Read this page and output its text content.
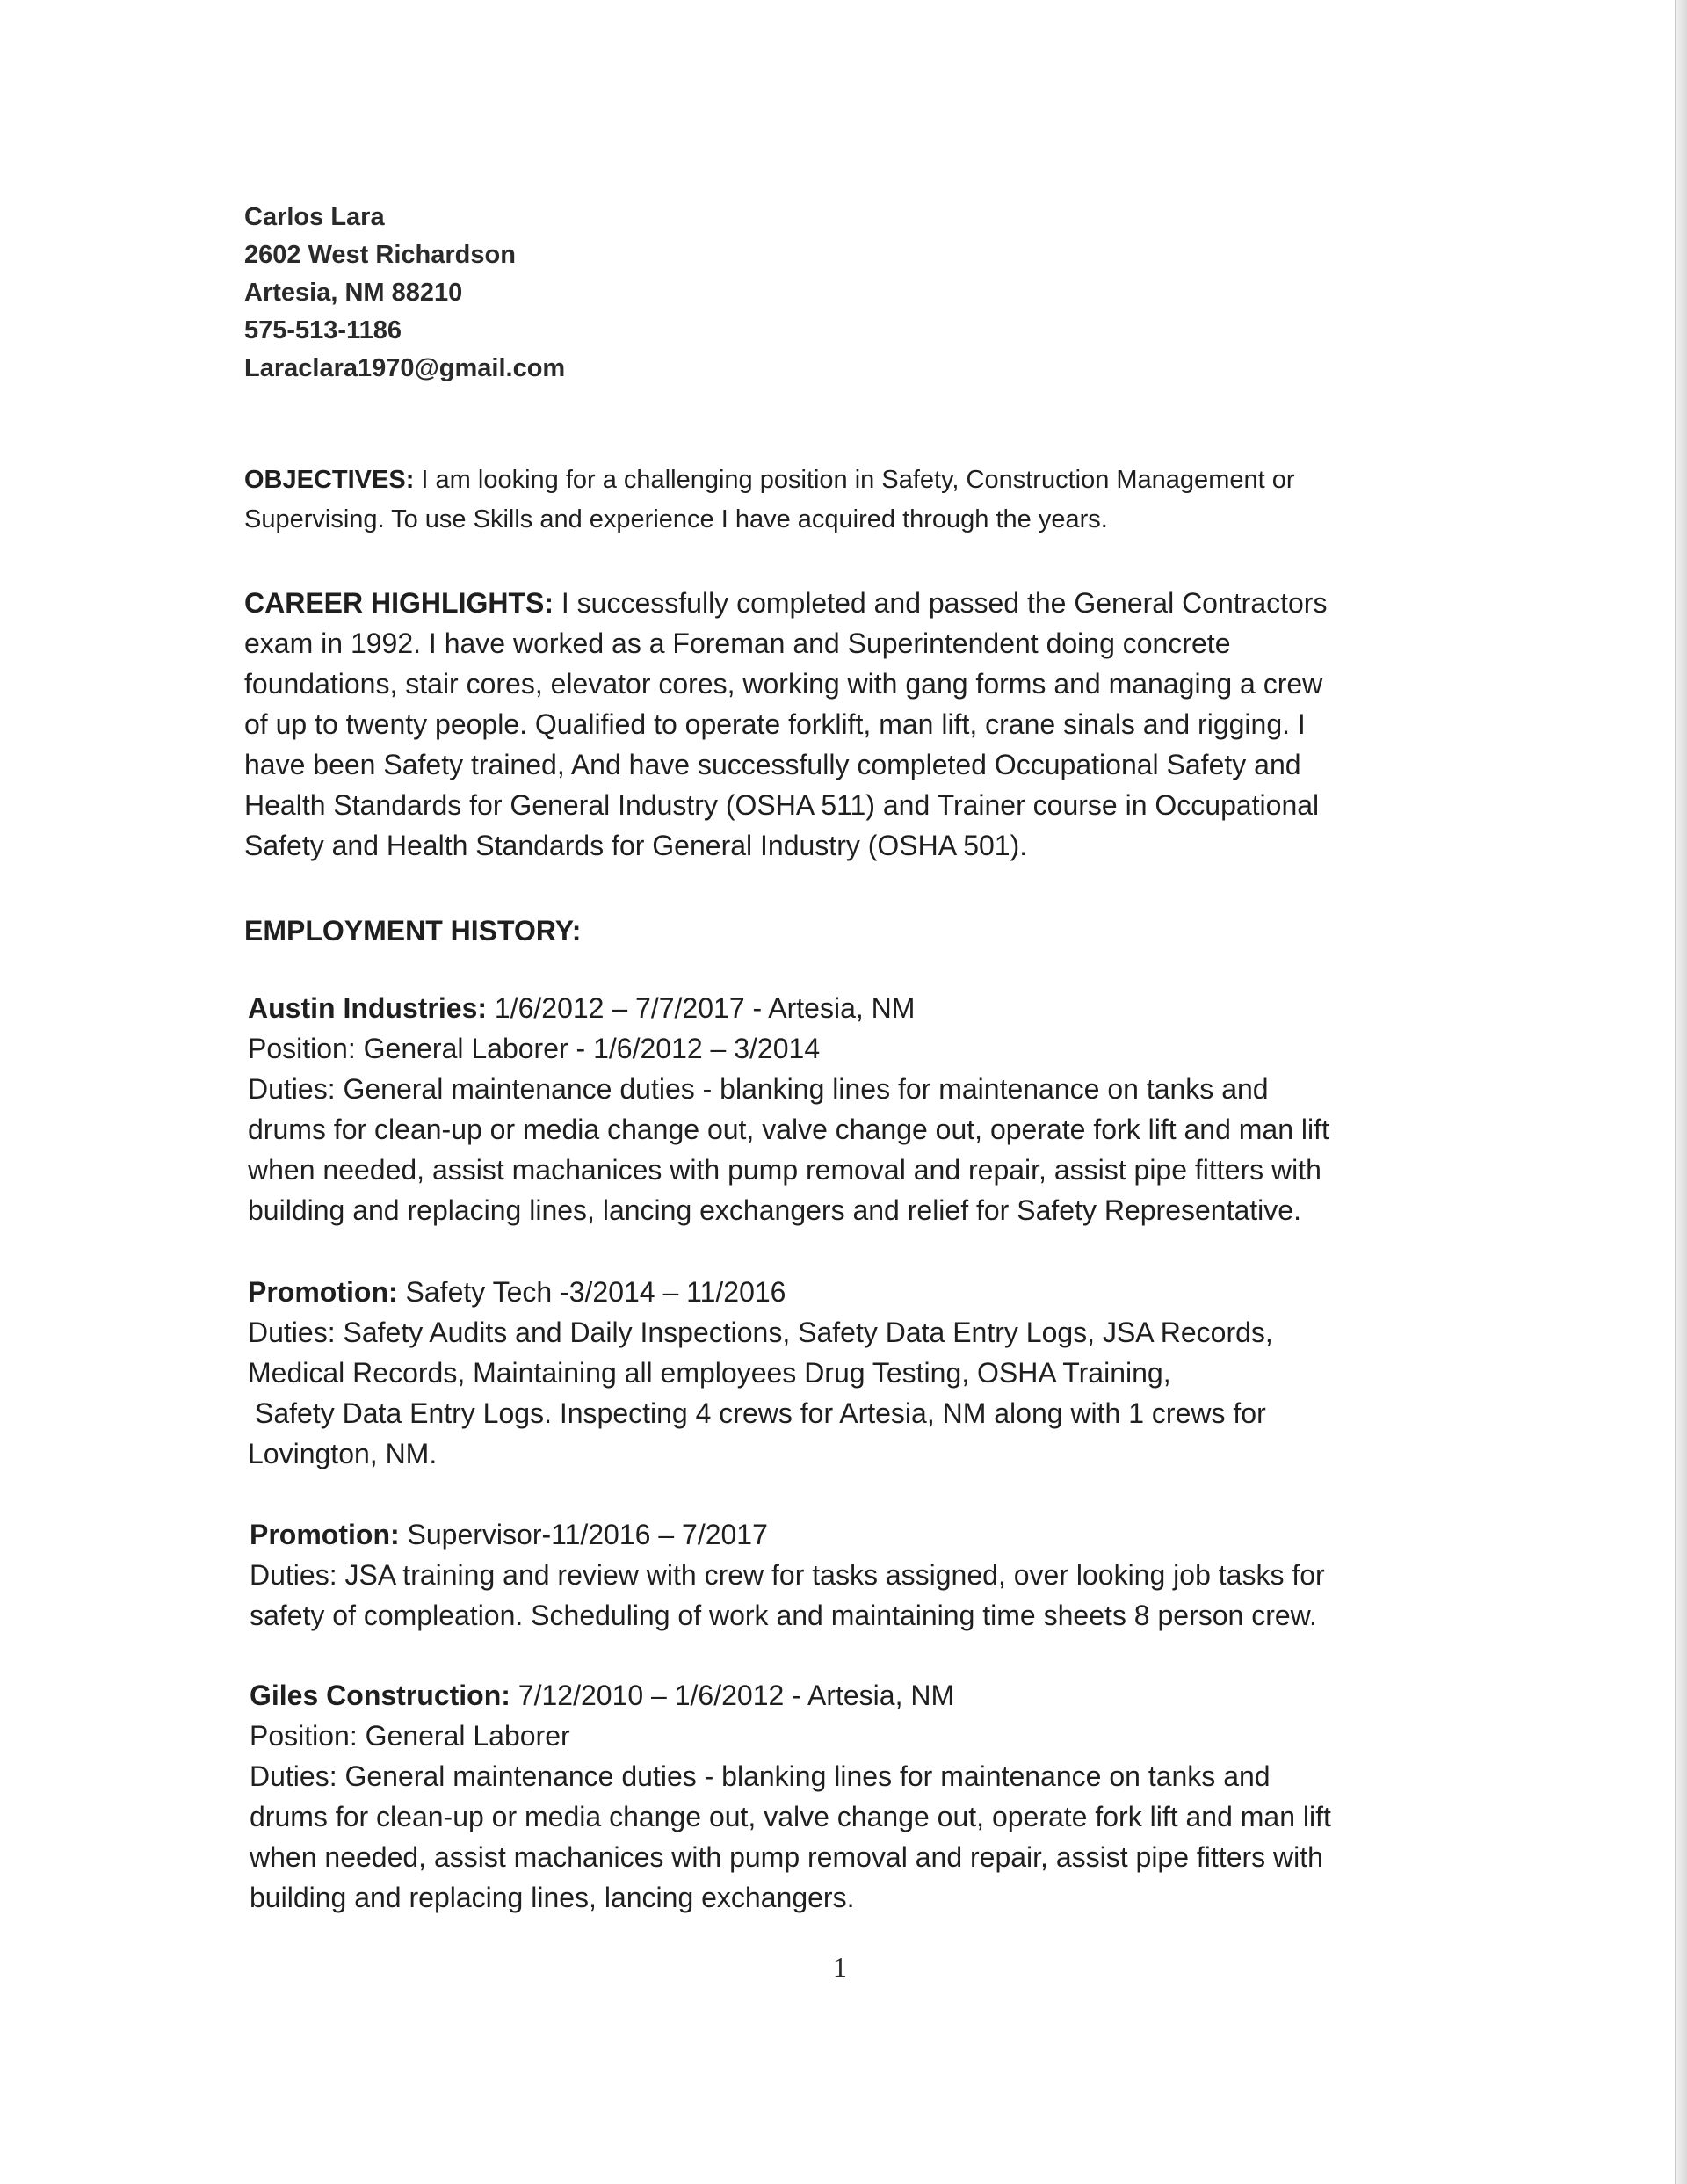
Carlos Lara
2602 West Richardson
Artesia, NM 88210
575-513-1186
Laraclara1970@gmail.com
OBJECTIVES: I am looking for a challenging position in Safety, Construction Management or
Supervising. To use Skills and experience I have acquired through the years.
CAREER HIGHLIGHTS: I successfully completed and passed the General Contractors
exam in 1992. I have worked as a Foreman and Superintendent doing concrete
foundations, stair cores, elevator cores, working with gang forms and managing a crew
of up to twenty people. Qualified to operate forklift, man lift, crane sinals and rigging. I
have been Safety trained, And have successfully completed Occupational Safety and
Health Standards for General Industry (OSHA 511) and Trainer course in Occupational
Safety and Health Standards for General Industry (OSHA 501).
EMPLOYMENT HISTORY:
Austin Industries: 1/6/2012 – 7/7/2017 - Artesia, NM
Position: General Laborer - 1/6/2012 – 3/2014
Duties: General maintenance duties - blanking lines for maintenance on tanks and
drums for clean-up or media change out, valve change out, operate fork lift and man lift
when needed, assist machanices with pump removal and repair, assist pipe fitters with
building and replacing lines, lancing exchangers and relief for Safety Representative.
Promotion: Safety Tech -3/2014 – 11/2016
Duties: Safety Audits and Daily Inspections, Safety Data Entry Logs, JSA Records,
Medical Records, Maintaining all employees Drug Testing, OSHA Training,
Safety Data Entry Logs. Inspecting 4 crews for Artesia, NM along with 1 crews for
Lovington, NM.
Promotion: Supervisor-11/2016 – 7/2017
Duties: JSA training and review with crew for tasks assigned, over looking job tasks for
safety of compleation. Scheduling of work and maintaining time sheets 8 person crew.
Giles Construction: 7/12/2010 – 1/6/2012 - Artesia, NM
Position: General Laborer
Duties: General maintenance duties - blanking lines for maintenance on tanks and
drums for clean-up or media change out, valve change out, operate fork lift and man lift
when needed, assist machanices with pump removal and repair, assist pipe fitters with
building and replacing lines, lancing exchangers.
1
